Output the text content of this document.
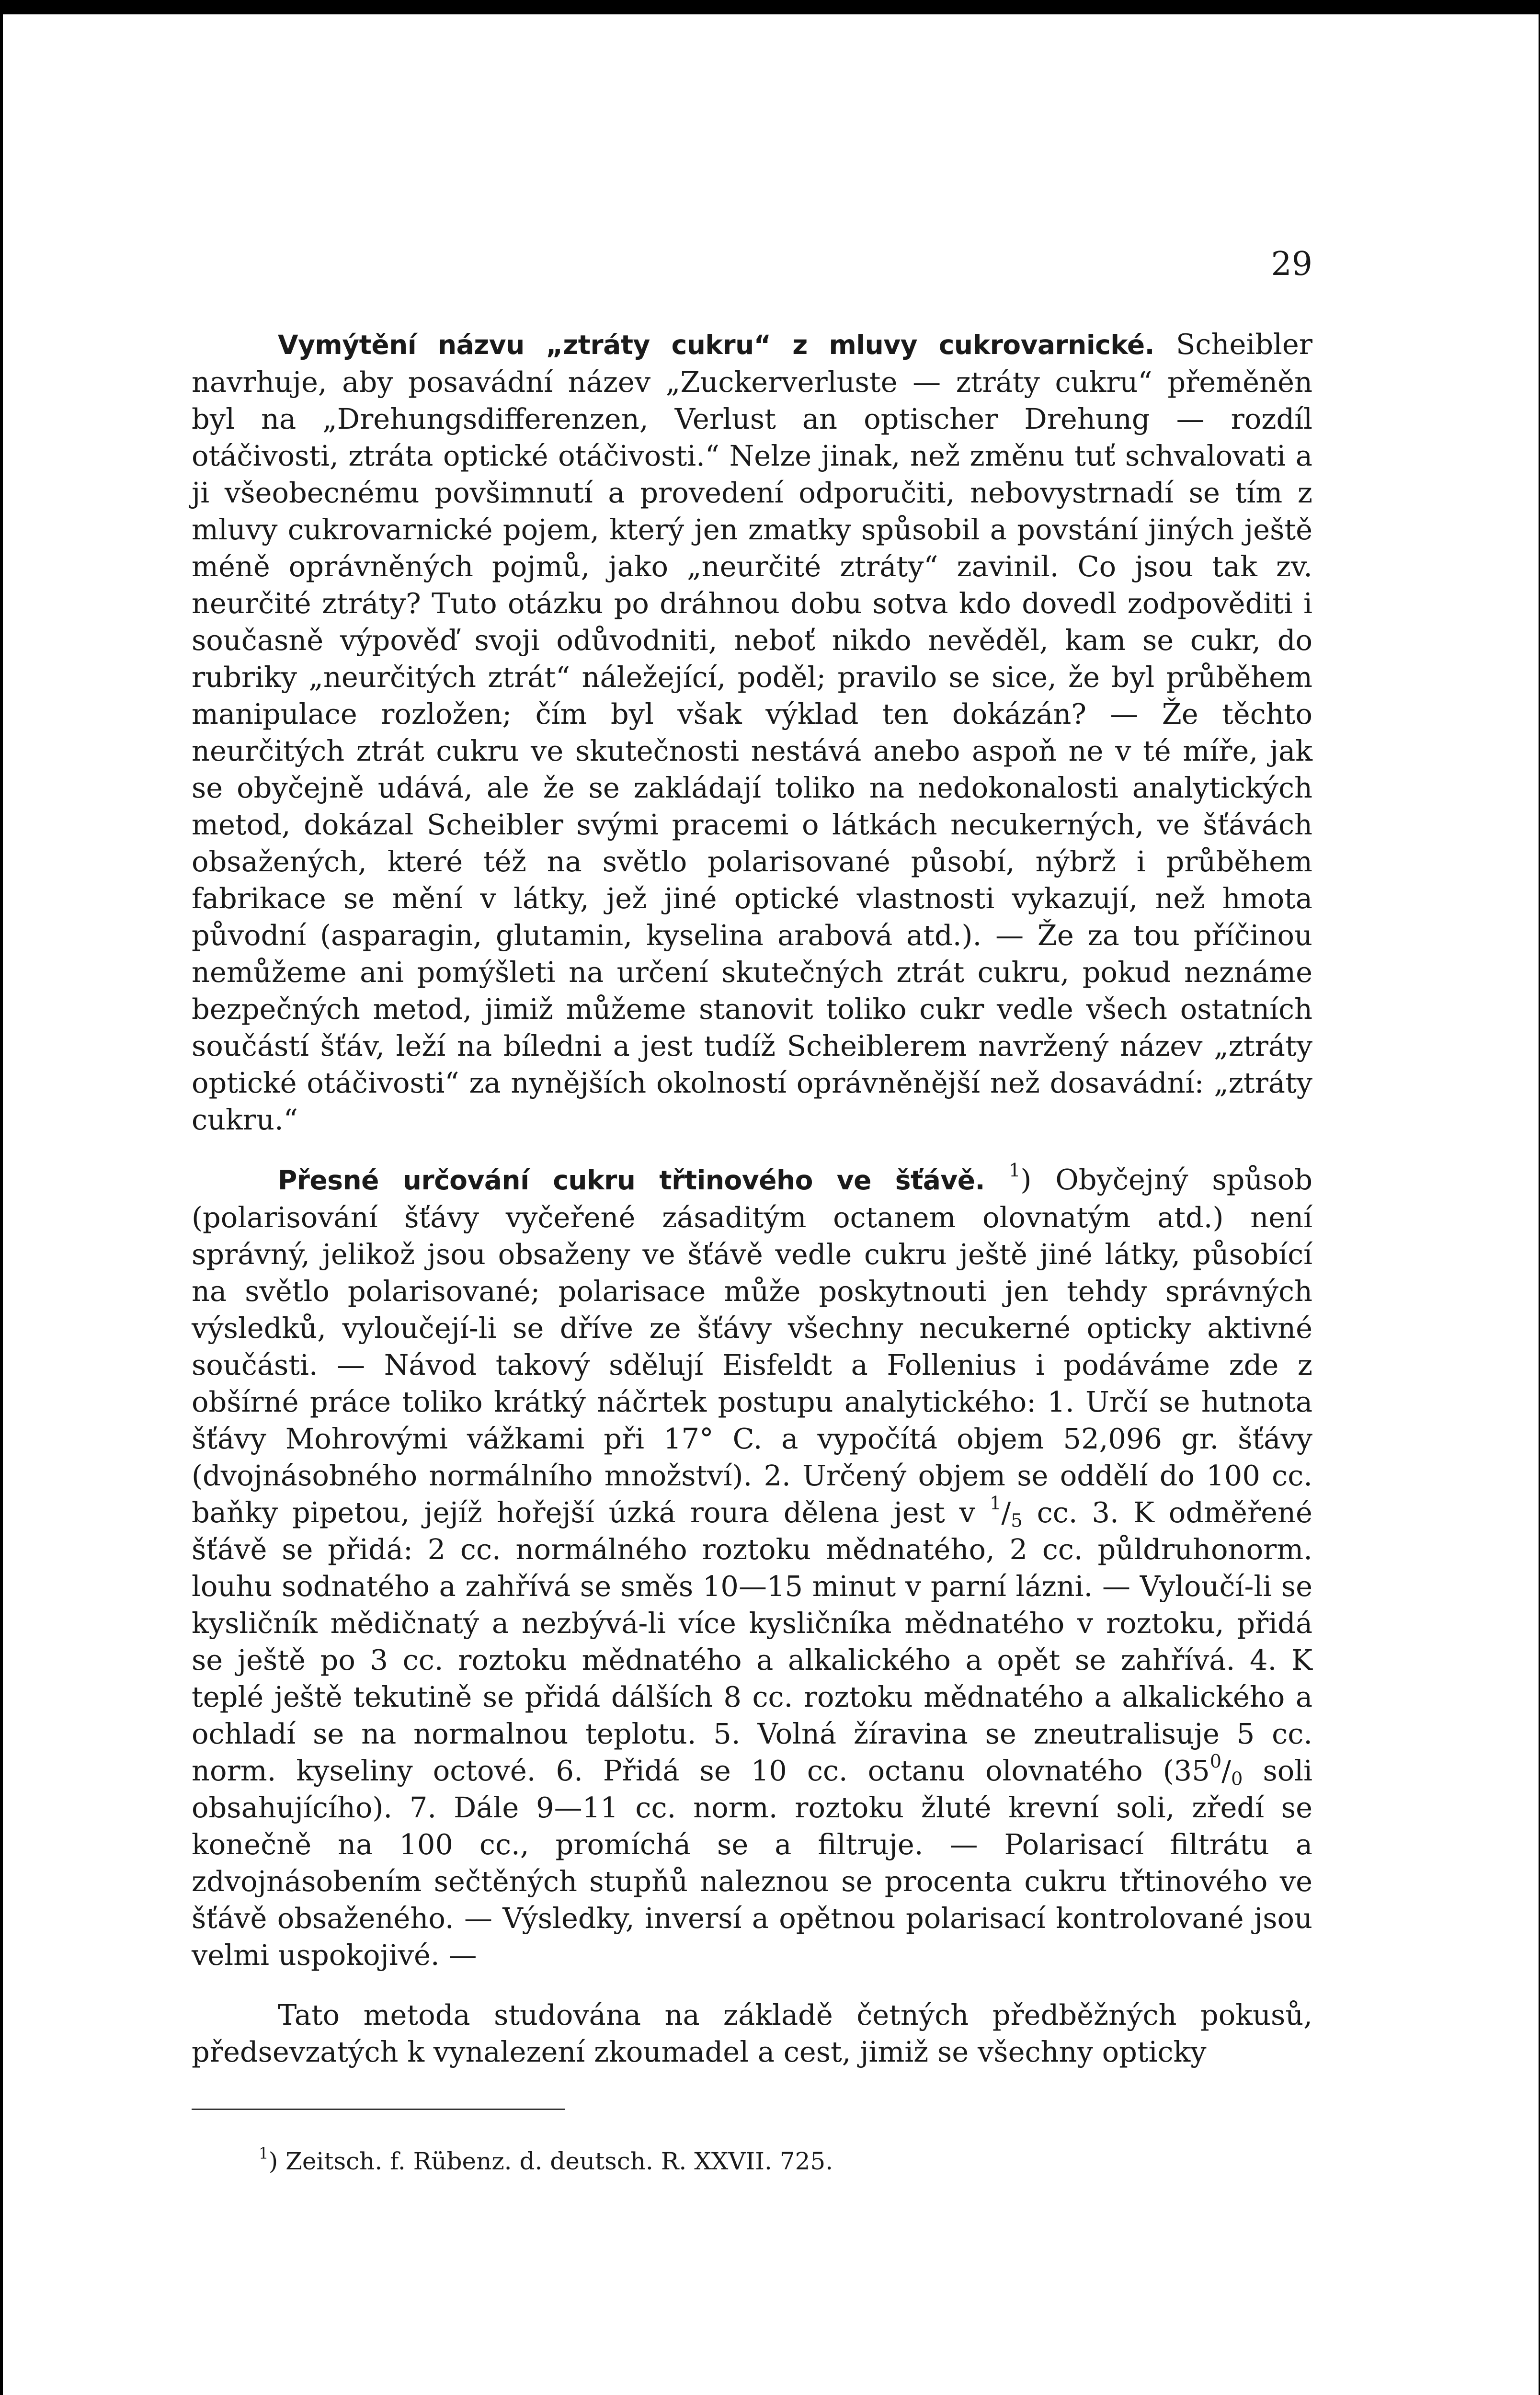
29

Vymýtění názvu „ztráty cukru“ z mluvy cukrovarnické. Scheibler navrhuje, aby posavádní název „Zuckerverluste — ztráty cukru“ přeměněn byl na „Drehungsdifferenzen, Verlust an optischer Drehung — rozdíl otáčivosti, ztráta optické otáčivosti.“ Nelze jinak, než změnu tuť schvalovati a ji všeobecnému povšimnutí a provedení odporučiti, nebovystrnadí se tím z mluvy cukrovarnické pojem, který jen zmatky spůsobil a povstání jiných ještě méně oprávněných pojmů, jako „neurčité ztráty“ zavinil. Co jsou tak zv. neurčité ztráty? Tuto otázku po dráhnou dobu sotva kdo dovedl zodpověditi i současně výpověď svoji odůvodniti, neboť nikdo nevěděl, kam se cukr, do rubriky „neurčitých ztrát“ náležející, poděl; pravilo se sice, že byl průběhem manipulace rozložen; čím byl však výklad ten dokázán? — Že těchto neurčitých ztrát cukru ve skutečnosti nestává anebo aspoň ne v té míře, jak se obyčejně udává, ale že se zakládají toliko na nedokonalosti analytických metod, dokázal Scheibler svými pracemi o látkách necukerných, ve šťávách obsažených, které též na světlo polarisované působí, nýbrž i průběhem fabrikace se mění v látky, jež jiné optické vlastnosti vykazují, než hmota původní (asparagin, glutamin, kyselina arabová atd.). — Že za tou příčinou nemůžeme ani pomýšleti na určení skutečných ztrát cukru, pokud neznáme bezpečných metod, jimiž můžeme stanovit toliko cukr vedle všech ostatních součástí šťáv, leží na bíledni a jest tudíž Scheiblerem navržený název „ztráty optické otáčivosti“ za nynějších okolností oprávněnější než dosavádní: „ztráty cukru.“

Přesné určování cukru třtinového ve šťávě. $^1$) Obyčejný spůsob (polarisování šťávy vyčeřené zásaditým octanem olovnatým atd.) není správný, jelikož jsou obsaženy ve šťávě vedle cukru ještě jiné látky, působící na světlo polarisované; polarisace může poskytnouti jen tehdy správných výsledků, vyloučejí-li se dříve ze šťávy všechny necukerné opticky aktivné součásti. — Návod takový sdělují Eisfeldt a Follenius i podáváme zde z obšírné práce toliko krátký náčrtek postupu analytického: 1. Určí se hutnota šťávy Mohrovými vážkami při 17° C. a vypočítá objem 52,096 gr. šťávy (dvojnásobného normálního množství). 2. Určený objem se oddělí do 100 cc. baňky pipetou, jejíž hořejší úzká roura dělena jest v $^1/_5$ cc. 3. K odměřené šťávě se přidá: 2 cc. normálného roztoku mědnatého, 2 cc. půldruhonorm. louhu sodnatého a zahřívá se směs 10—15 minut v parní lázni. — Vyloučí-li se kysličník mědičnatý a nezbývá-li více kysličníka mědnatého v roztoku, přidá se ještě po 3 cc. roztoku mědnatého a alkalického a opět se zahřívá. 4. K teplé ještě tekutině se přidá dálších 8 cc. roztoku mědnatého a alkalického a ochladí se na normalnou teplotu. 5. Volná žíravina se zneutralisuje 5 cc. norm. kyseliny octové. 6. Přidá se 10 cc. octanu olovnatého ($35^0/_0$ soli obsahujícího). 7. Dále 9—11 cc. norm. roztoku žluté krevní soli, zředí se konečně na 100 cc., promíchá se a filtruje. — Polarisací filtrátu a zdvojnásobením sečtěných stupňů naleznou se procenta cukru třtinového ve šťávě obsaženého. — Výsledky, inversí a opětnou polarisací kontrolované jsou velmi uspokojivé. —

Tato metoda studována na základě četných předběžných pokusů, předsevzatých k vynalezení zkoumadel a cest, jimiž se všechny opticky

$^1$) Zeitsch. f. Rübenz. d. deutsch. R. XXVII. 725.
